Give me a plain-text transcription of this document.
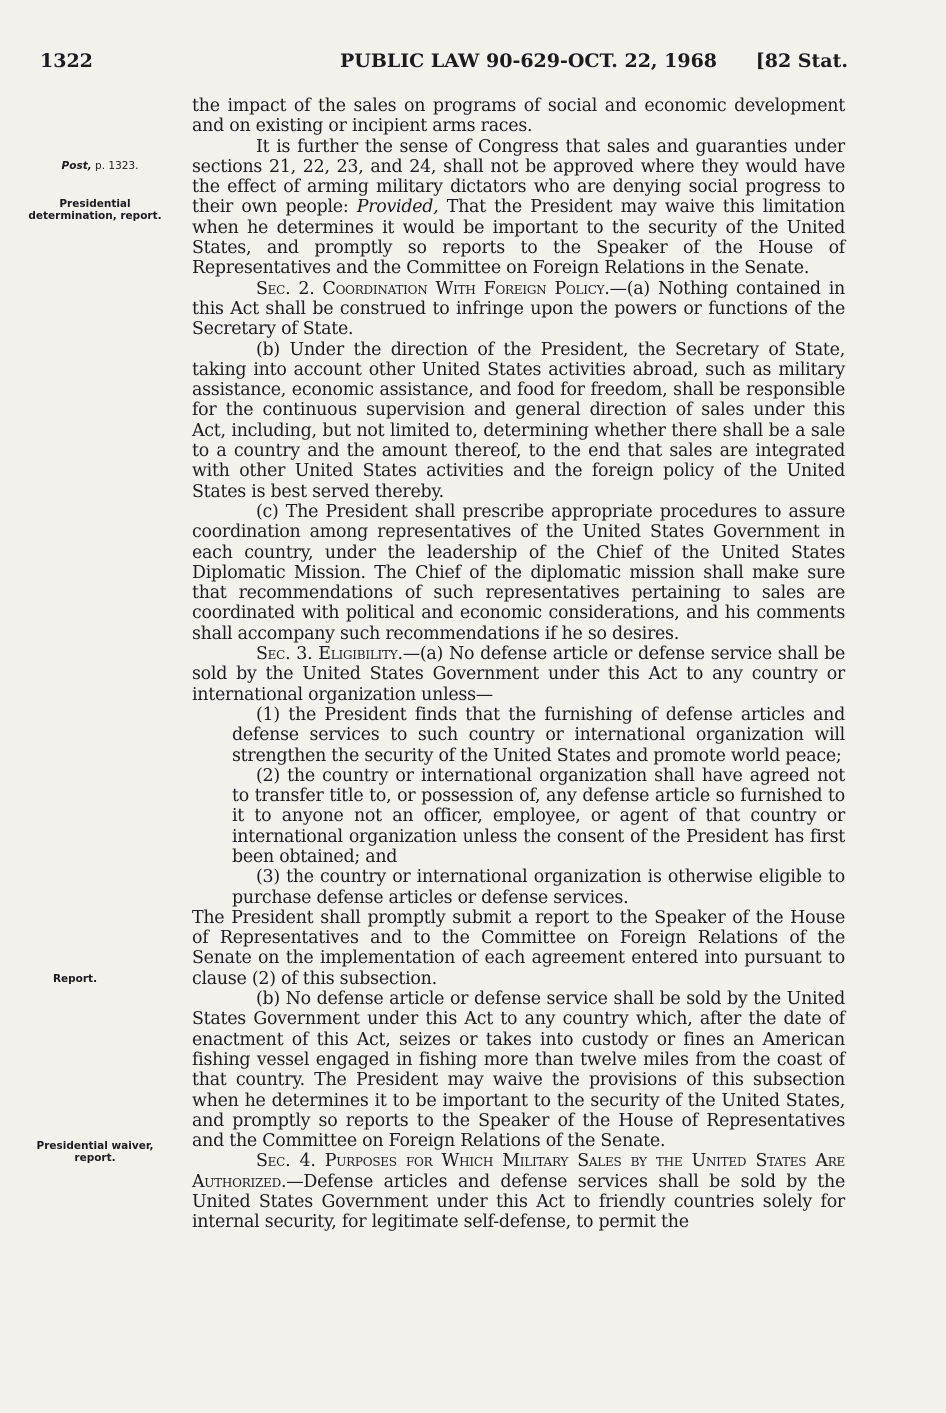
1322	PUBLIC LAW 90-629-OCT. 22, 1968 [82 Stat.
Post, p. 1323.
Presidential determination, report.
Report.
Presidential waiver, report.

the impact of the sales on programs of social and economic development and on existing or incipient arms races.

It is further the sense of Congress that sales and guaranties under sections 21, 22, 23, and 24, shall not be approved where they would have the effect of arming military dictators who are denying social progress to their own people: Provided, That the President may waive this limitation when he determines it would be important to the security of the United States, and promptly so reports to the Speaker of the House of Representatives and the Committee on Foreign Relations in the Senate.

Sec. 2. Coordination With Foreign Policy.—(a) Nothing contained in this Act shall be construed to infringe upon the powers or functions of the Secretary of State.

(b) Under the direction of the President, the Secretary of State, taking into account other United States activities abroad, such as military assistance, economic assistance, and food for freedom, shall be responsible for the continuous supervision and general direction of sales under this Act, including, but not limited to, determining whether there shall be a sale to a country and the amount thereof, to the end that sales are integrated with other United States activities and the foreign policy of the United States is best served thereby.

(c) The President shall prescribe appropriate procedures to assure coordination among representatives of the United States Government in each country, under the leadership of the Chief of the United States Diplomatic Mission. The Chief of the diplomatic mission shall make sure that recommendations of such representatives pertaining to sales are coordinated with political and economic considerations, and his comments shall accompany such recommendations if he so desires.

Sec. 3. Eligibility.—(a) No defense article or defense service shall be sold by the United States Government under this Act to any country or international organization unless—

(1) the President finds that the furnishing of defense articles and defense services to such country or international organization will strengthen the security of the United States and promote world peace;

(2) the country or international organization shall have agreed not to transfer title to, or possession of, any defense article so furnished to it to anyone not an officer, employee, or agent of that country or international organization unless the consent of the President has first been obtained; and

(3) the country or international organization is otherwise eligible to purchase defense articles or defense services.

The President shall promptly submit a report to the Speaker of the House of Representatives and to the Committee on Foreign Relations of the Senate on the implementation of each agreement entered into pursuant to clause (2) of this subsection.

(b) No defense article or defense service shall be sold by the United States Government under this Act to any country which, after the date of enactment of this Act, seizes or takes into custody or fines an American fishing vessel engaged in fishing more than twelve miles from the coast of that country. The President may waive the provisions of this subsection when he determines it to be important to the security of the United States, and promptly so reports to the Speaker of the House of Representatives and the Committee on Foreign Relations of the Senate.

Sec. 4. Purposes for Which Military Sales by the United States Are Authorized.—Defense articles and defense services shall be sold by the United States Government under this Act to friendly countries solely for internal security, for legitimate self-defense, to permit the
